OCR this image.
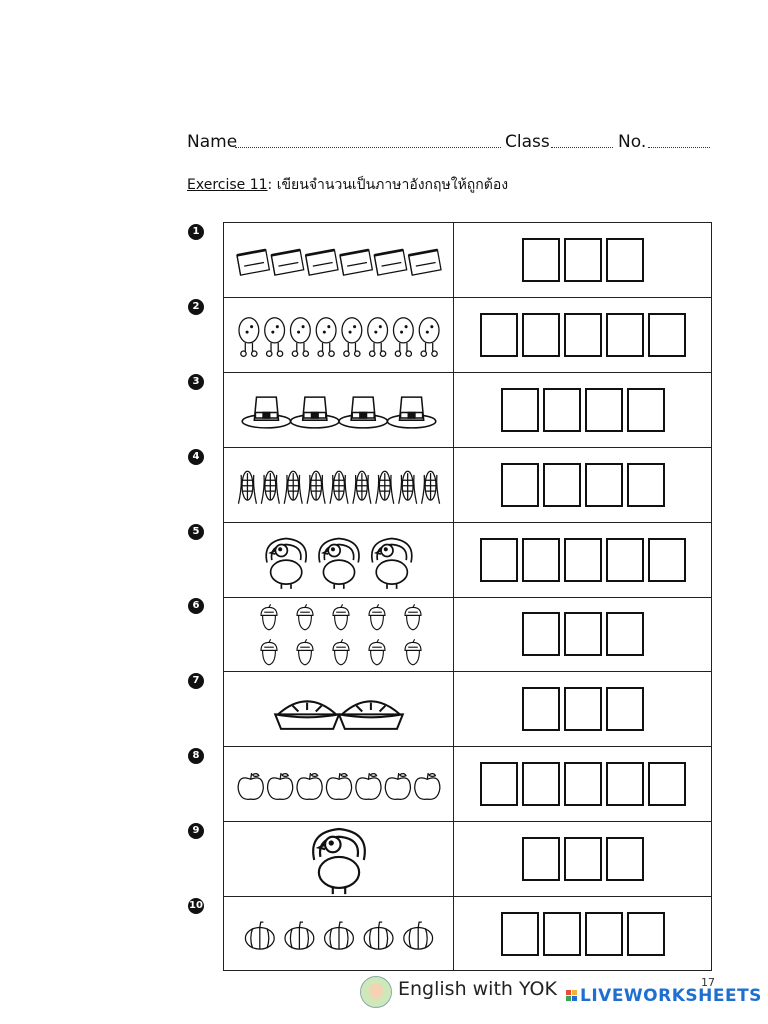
Name	Class	No.
Exercise 11: เขียนจำนวนเป็นภาษาอังกฤษให้ถูกต้อง
English with YOK LIVEWORKSHEETS
17
1
2
3
4
5
6
7
8
9
10
